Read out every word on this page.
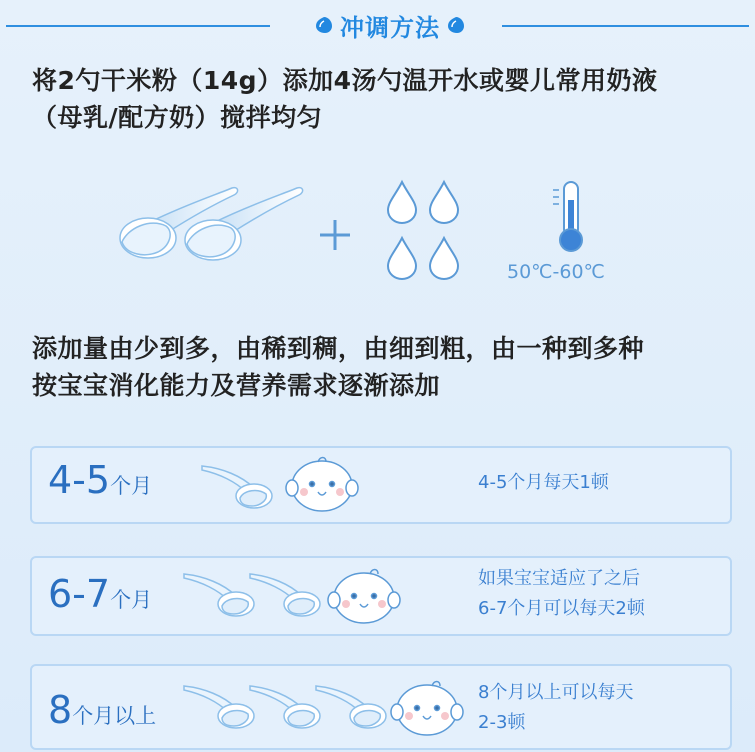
冲调方法
将2勺干米粉（14g）添加4汤勺温开水或婴儿常用奶液
（母乳/配方奶）搅拌均匀
50℃-60℃
添加量由少到多，由稀到稠，由细到粗，由一种到多种
按宝宝消化能力及营养需求逐渐添加
4-5个月	4-5个月每天1顿
6-7个月
如果宝宝适应了之后
6-7个月可以每天2顿
8个月以上
8个月以上可以每天
2-3顿
